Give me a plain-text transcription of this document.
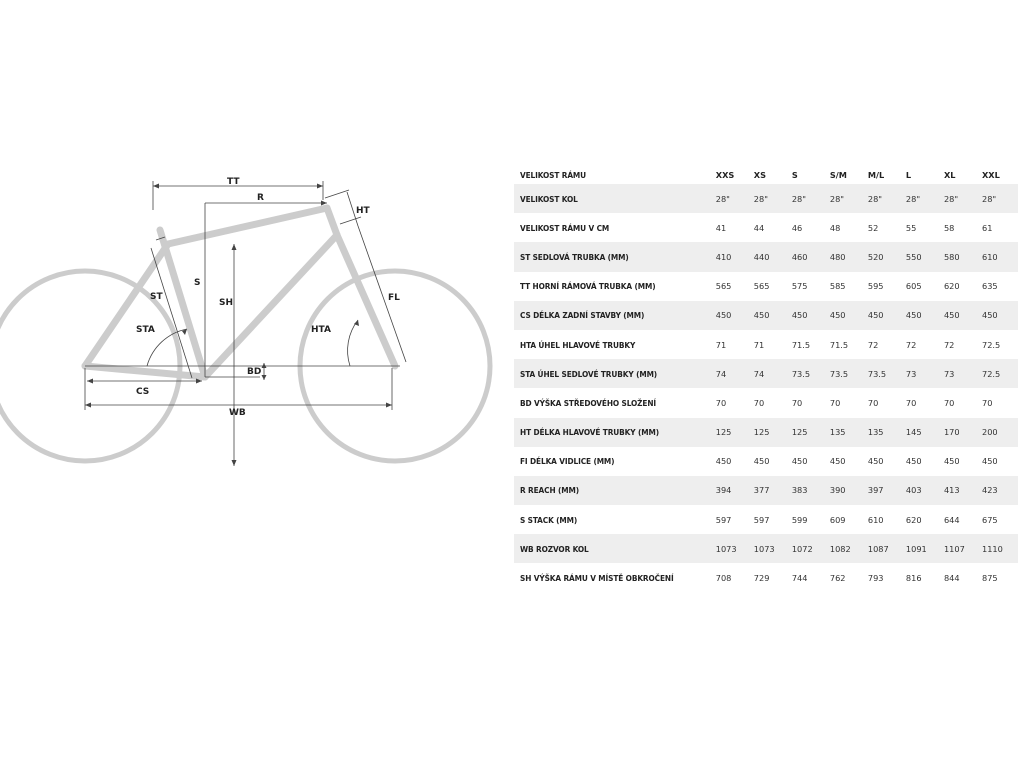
TT
R
HT
S
SH
ST
STA	HTA
FL
BD
CS
WB
VELIKOST RÁMU	XXS	XS	S	S/M	M/L	L	XL	XXL
VELIKOST KOL	28"	28"	28"	28"	28"	28"	28"	28"
VELIKOST RÁMU V CM	41	44	46	48	52	55	58	61
ST SEDLOVÁ TRUBKA (MM)	410	440	460	480	520	550	580	610
TT HORNÍ RÁMOVÁ TRUBKA (MM)	565	565	575	585	595	605	620	635
CS DÉLKA ZADNÍ STAVBY (MM)	450	450	450	450	450	450	450	450
HTA ÚHEL HLAVOVÉ TRUBKY	71	71	71.5	71.5	72	72	72	72.5
STA ÚHEL SEDLOVÉ TRUBKY (MM)	74	74	73.5	73.5	73.5	73	73	72.5
BD VÝŠKA STŘEDOVÉHO SLOŽENÍ	70	70	70	70	70	70	70	70
HT DÉLKA HLAVOVÉ TRUBKY (MM)	125	125	125	135	135	145	170	200
FI DÉLKA VIDLICE (MM)	450	450	450	450	450	450	450	450
R REACH (MM)	394	377	383	390	397	403	413	423
S STACK (MM)	597	597	599	609	610	620	644	675
WB ROZVOR KOL	1073	1073	1072	1082	1087	1091	1107	1110
SH VÝŠKA RÁMU V MÍSTĚ OBKROČENÍ	708	729	744	762	793	816	844	875
